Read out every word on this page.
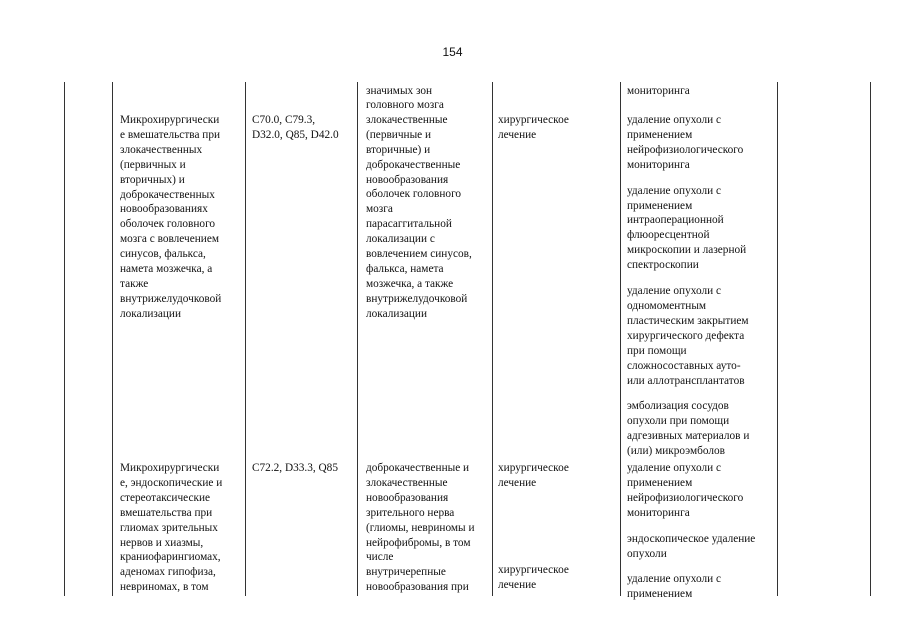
154
значимых зон	мониторинга
Микрохирургически
е вмешательства при
злокачественных
(первичных и
вторичных) и
доброкачественных
новообразованиях
оболочек головного
мозга с вовлечением
синусов, фалькса,
намета мозжечка, а
также
внутрижелудочковой
локализации
C70.0, C79.3,
D32.0, Q85, D42.0
головного мозга
злокачественные
(первичные и
вторичные) и
доброкачественные
новообразования
оболочек головного
мозга
парасаггитальной
локализации с
вовлечением синусов,
фалькса, намета
мозжечка, а также
внутрижелудочковой
локализации
хирургическое
лечение
удаление опухоли с
применением
нейрофизиологического
мониторинга
удаление опухоли с
применением
интраоперационной
флюоресцентной
микроскопии и лазерной
спектроскопии
удаление опухоли с
одномоментным
пластическим закрытием
хирургического дефекта
при помощи
сложносоставных ауто-
или аллотрансплантатов
эмболизация сосудов
опухоли при помощи
адгезивных материалов и
(или) микроэмболов
Микрохирургически
е, эндоскопические и
стереотаксические
вмешательства при
глиомах зрительных
нервов и хиазмы,
краниофарингиомах,
аденомах гипофиза,
невриномах, в том
C72.2, D33.3, Q85 доброкачественные и
злокачественные
новообразования
зрительного нерва
(глиомы, невриномы и
нейрофибромы, в том
числе
внутричерепные
новообразования при
хирургическое
лечение
хирургическое
лечение
удаление опухоли с
применением
нейрофизиологического
мониторинга
эндоскопическое удаление
опухоли
удаление опухоли с
применением
